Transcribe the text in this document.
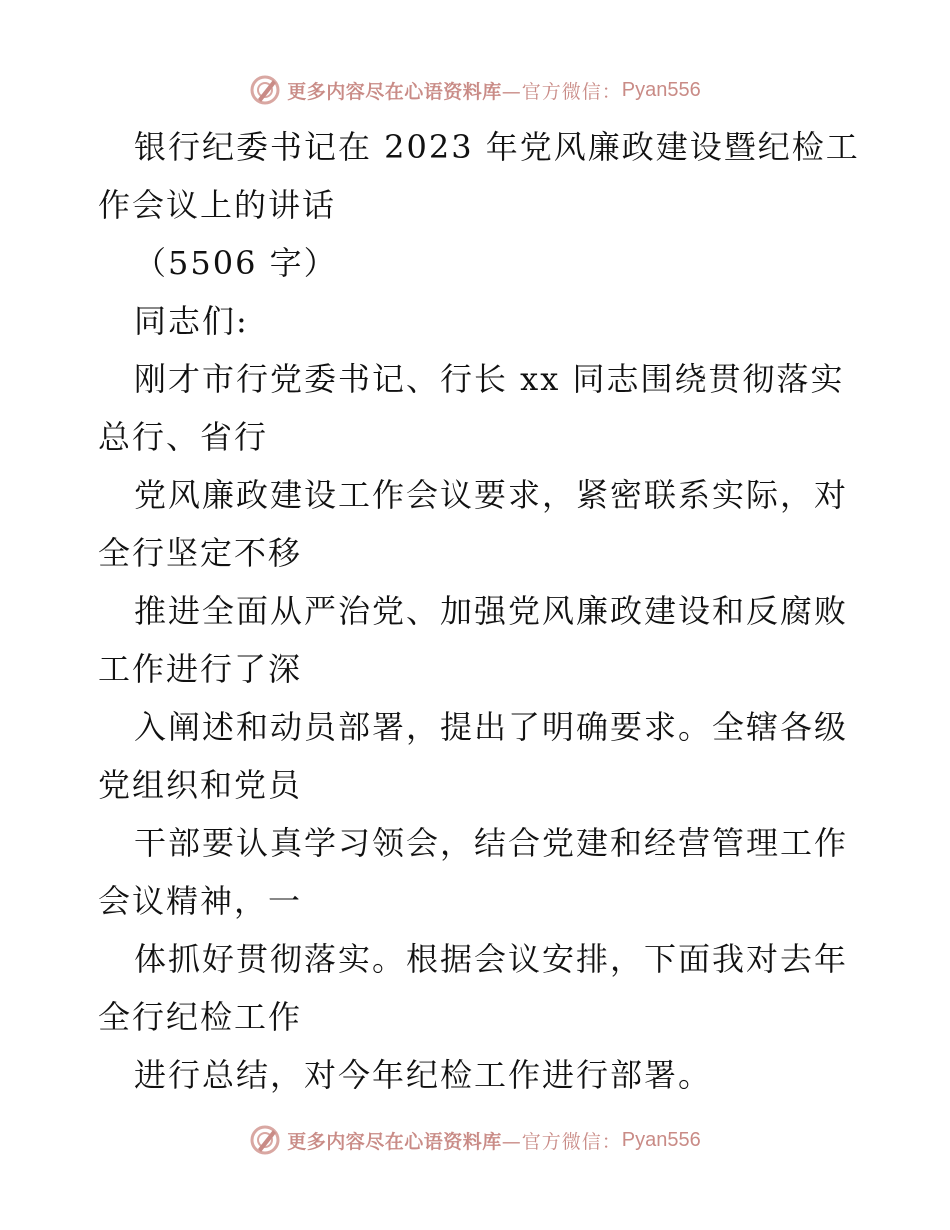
更多内容尽在心语资料库 —官方微信： Pyan556

银行纪委书记在 2023 年党风廉政建设暨纪检工

作会议上的讲话

（5506 字）

同志们:

刚才市行党委书记、行长 xx 同志围绕贯彻落实

总行、省行

党风廉政建设工作会议要求，紧密联系实际，对

全行坚定不移

推进全面从严治党、加强党风廉政建设和反腐败

工作进行了深

入阐述和动员部署，提出了明确要求。全辖各级

党组织和党员

干部要认真学习领会，结合党建和经营管理工作

会议精神，一

体抓好贯彻落实。根据会议安排，下面我对去年

全行纪检工作

进行总结，对今年纪检工作进行部署。

更多内容尽在心语资料库 —官方微信： Pyan556
